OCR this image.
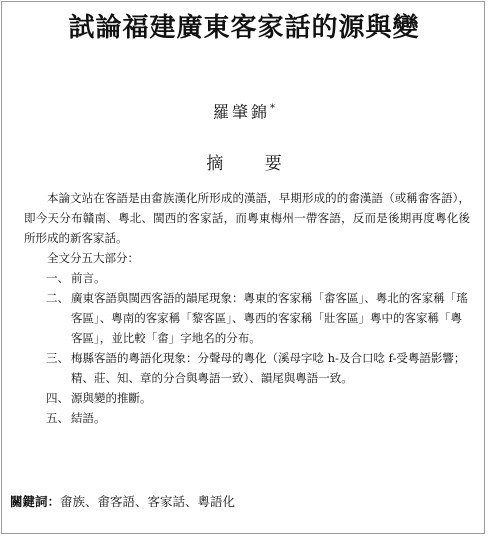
試論福建廣東客家話的源與變
羅肇錦*
摘 要
本論文站在客語是由畬族漢化所形成的漢語，早期形成的的畬漢語（或稱畬客語），即今天分布贛南、粵北、閩西的客家話，而粵東梅州一帶客語，反而是後期再度粵化後所形成的新客家話。
全文分五大部分：
一、 前言。
二、 廣東客語與閩西客語的韻尾現象：粵東的客家稱「畬客區」、粵北的客家稱「瑤客區」、粵南的客家稱「黎客區」、粵西的客家稱「壯客區」粵中的客家稱「粵客區」，並比較「畬」字地名的分布。
三、 梅縣客語的粵語化現象：分聲母的粵化（溪母字唸 h-及合口唸 f-受粵語影響；精、莊、知、章的分合與粵語一致）、韻尾與粵語一致。
四、 源與變的推斷。
五、 結語。
關鍵詞：畬族、畬客語、客家話、粵語化
